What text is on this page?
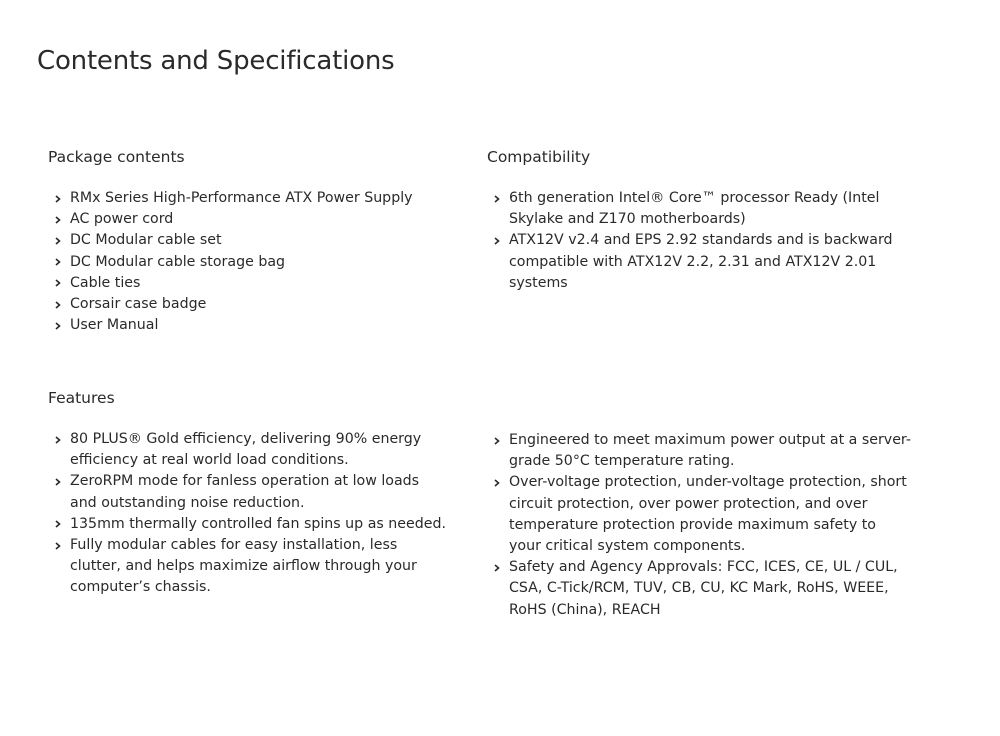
Contents and Specifications
Package contents
RMx Series High-Performance ATX Power Supply
AC power cord
DC Modular cable set
DC Modular cable storage bag
Cable ties
Corsair case badge
User Manual
Compatibility
6th generation Intel® Core™ processor Ready (Intel Skylake and Z170 motherboards)
ATX12V v2.4 and EPS 2.92 standards and is backward compatible with ATX12V 2.2, 2.31 and ATX12V 2.01 systems
Features
80 PLUS® Gold efficiency, delivering 90% energy efficiency at real world load conditions.
ZeroRPM mode for fanless operation at low loads and outstanding noise reduction.
135mm thermally controlled fan spins up as needed.
Fully modular cables for easy installation, less clutter, and helps maximize airflow through your computer’s chassis.
Engineered to meet maximum power output at a server-grade 50°C temperature rating.
Over-voltage protection, under-voltage protection, short circuit protection, over power protection, and over temperature protection provide maximum safety to your critical system components.
Safety and Agency Approvals: FCC, ICES, CE, UL / CUL, CSA, C-Tick/RCM, TUV, CB, CU, KC Mark, RoHS, WEEE, RoHS (China), REACH
